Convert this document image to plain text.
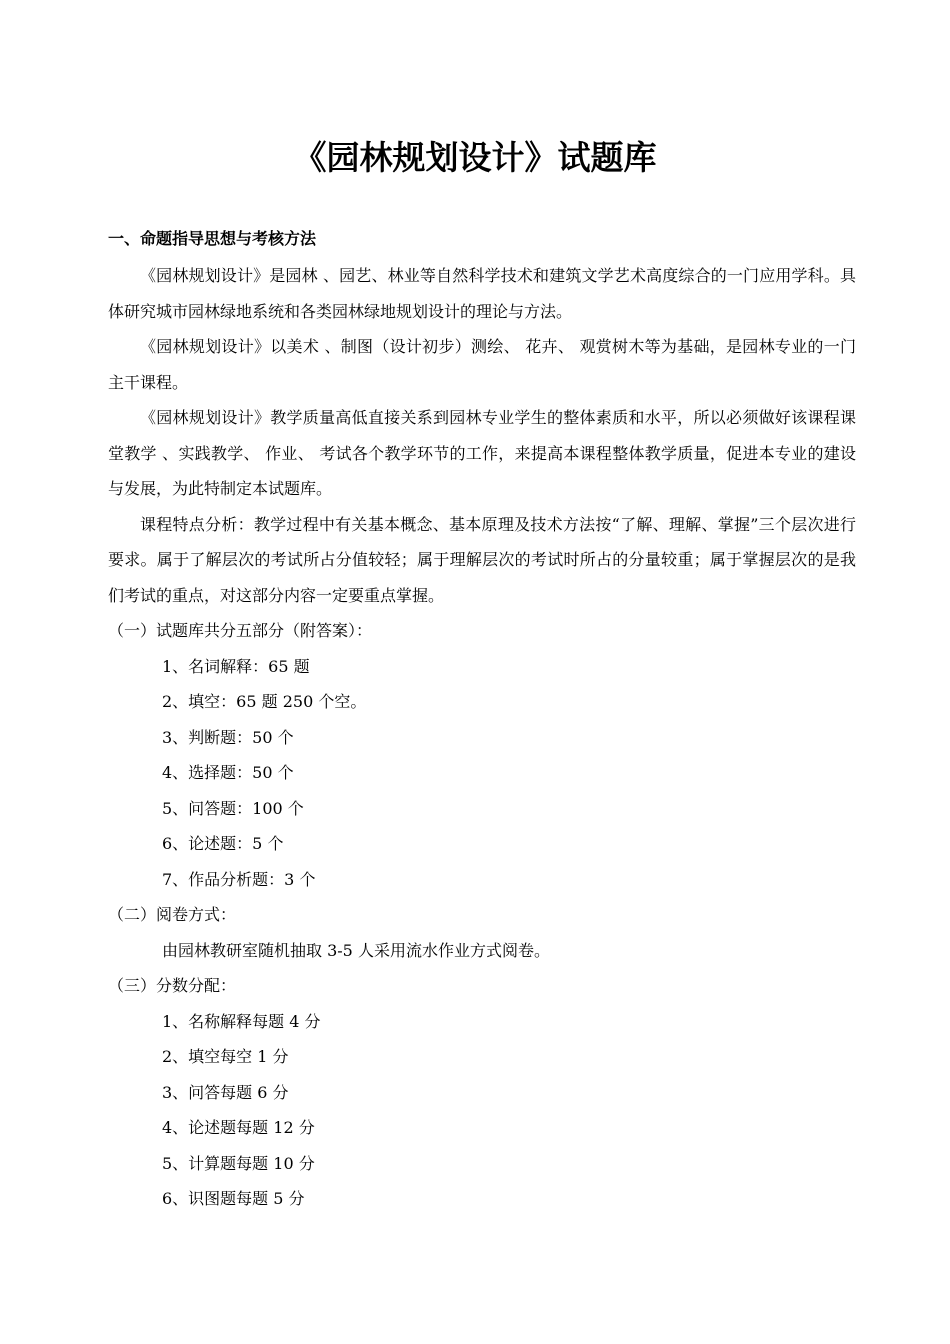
《园林规划设计》试题库
一、命题指导思想与考核方法

《园林规划设计》是园林 、园艺、林业等自然科学技术和建筑文学艺术高度综合的一门应用学科。具体研究城市园林绿地系统和各类园林绿地规划设计的理论与方法。

《园林规划设计》以美术 、制图（设计初步）测绘、 花卉、 观赏树木等为基础，是园林专业的一门主干课程。

《园林规划设计》教学质量高低直接关系到园林专业学生的整体素质和水平，所以必须做好该课程课堂教学 、实践教学、 作业、 考试各个教学环节的工作，来提高本课程整体教学质量，促进本专业的建设与发展，为此特制定本试题库。

课程特点分析：教学过程中有关基本概念、基本原理及技术方法按“了解、理解、掌握”三个层次进行要求。属于了解层次的考试所占分值较轻；属于理解层次的考试时所占的分量较重；属于掌握层次的是我们考试的重点，对这部分内容一定要重点掌握。

（一）试题库共分五部分（附答案）：

1、名词解释：65 题
2、填空：65 题 250 个空。
3、判断题：50 个
4、选择题：50 个
5、问答题：100 个
6、论述题：5 个
7、作品分析题：3 个

（二）阅卷方式：

由园林教研室随机抽取 3-5 人采用流水作业方式阅卷。

（三）分数分配：

1、名称解释每题 4 分
2、填空每空 1 分
3、问答每题 6 分
4、论述题每题 12 分
5、计算题每题 10 分
6、识图题每题 5 分
